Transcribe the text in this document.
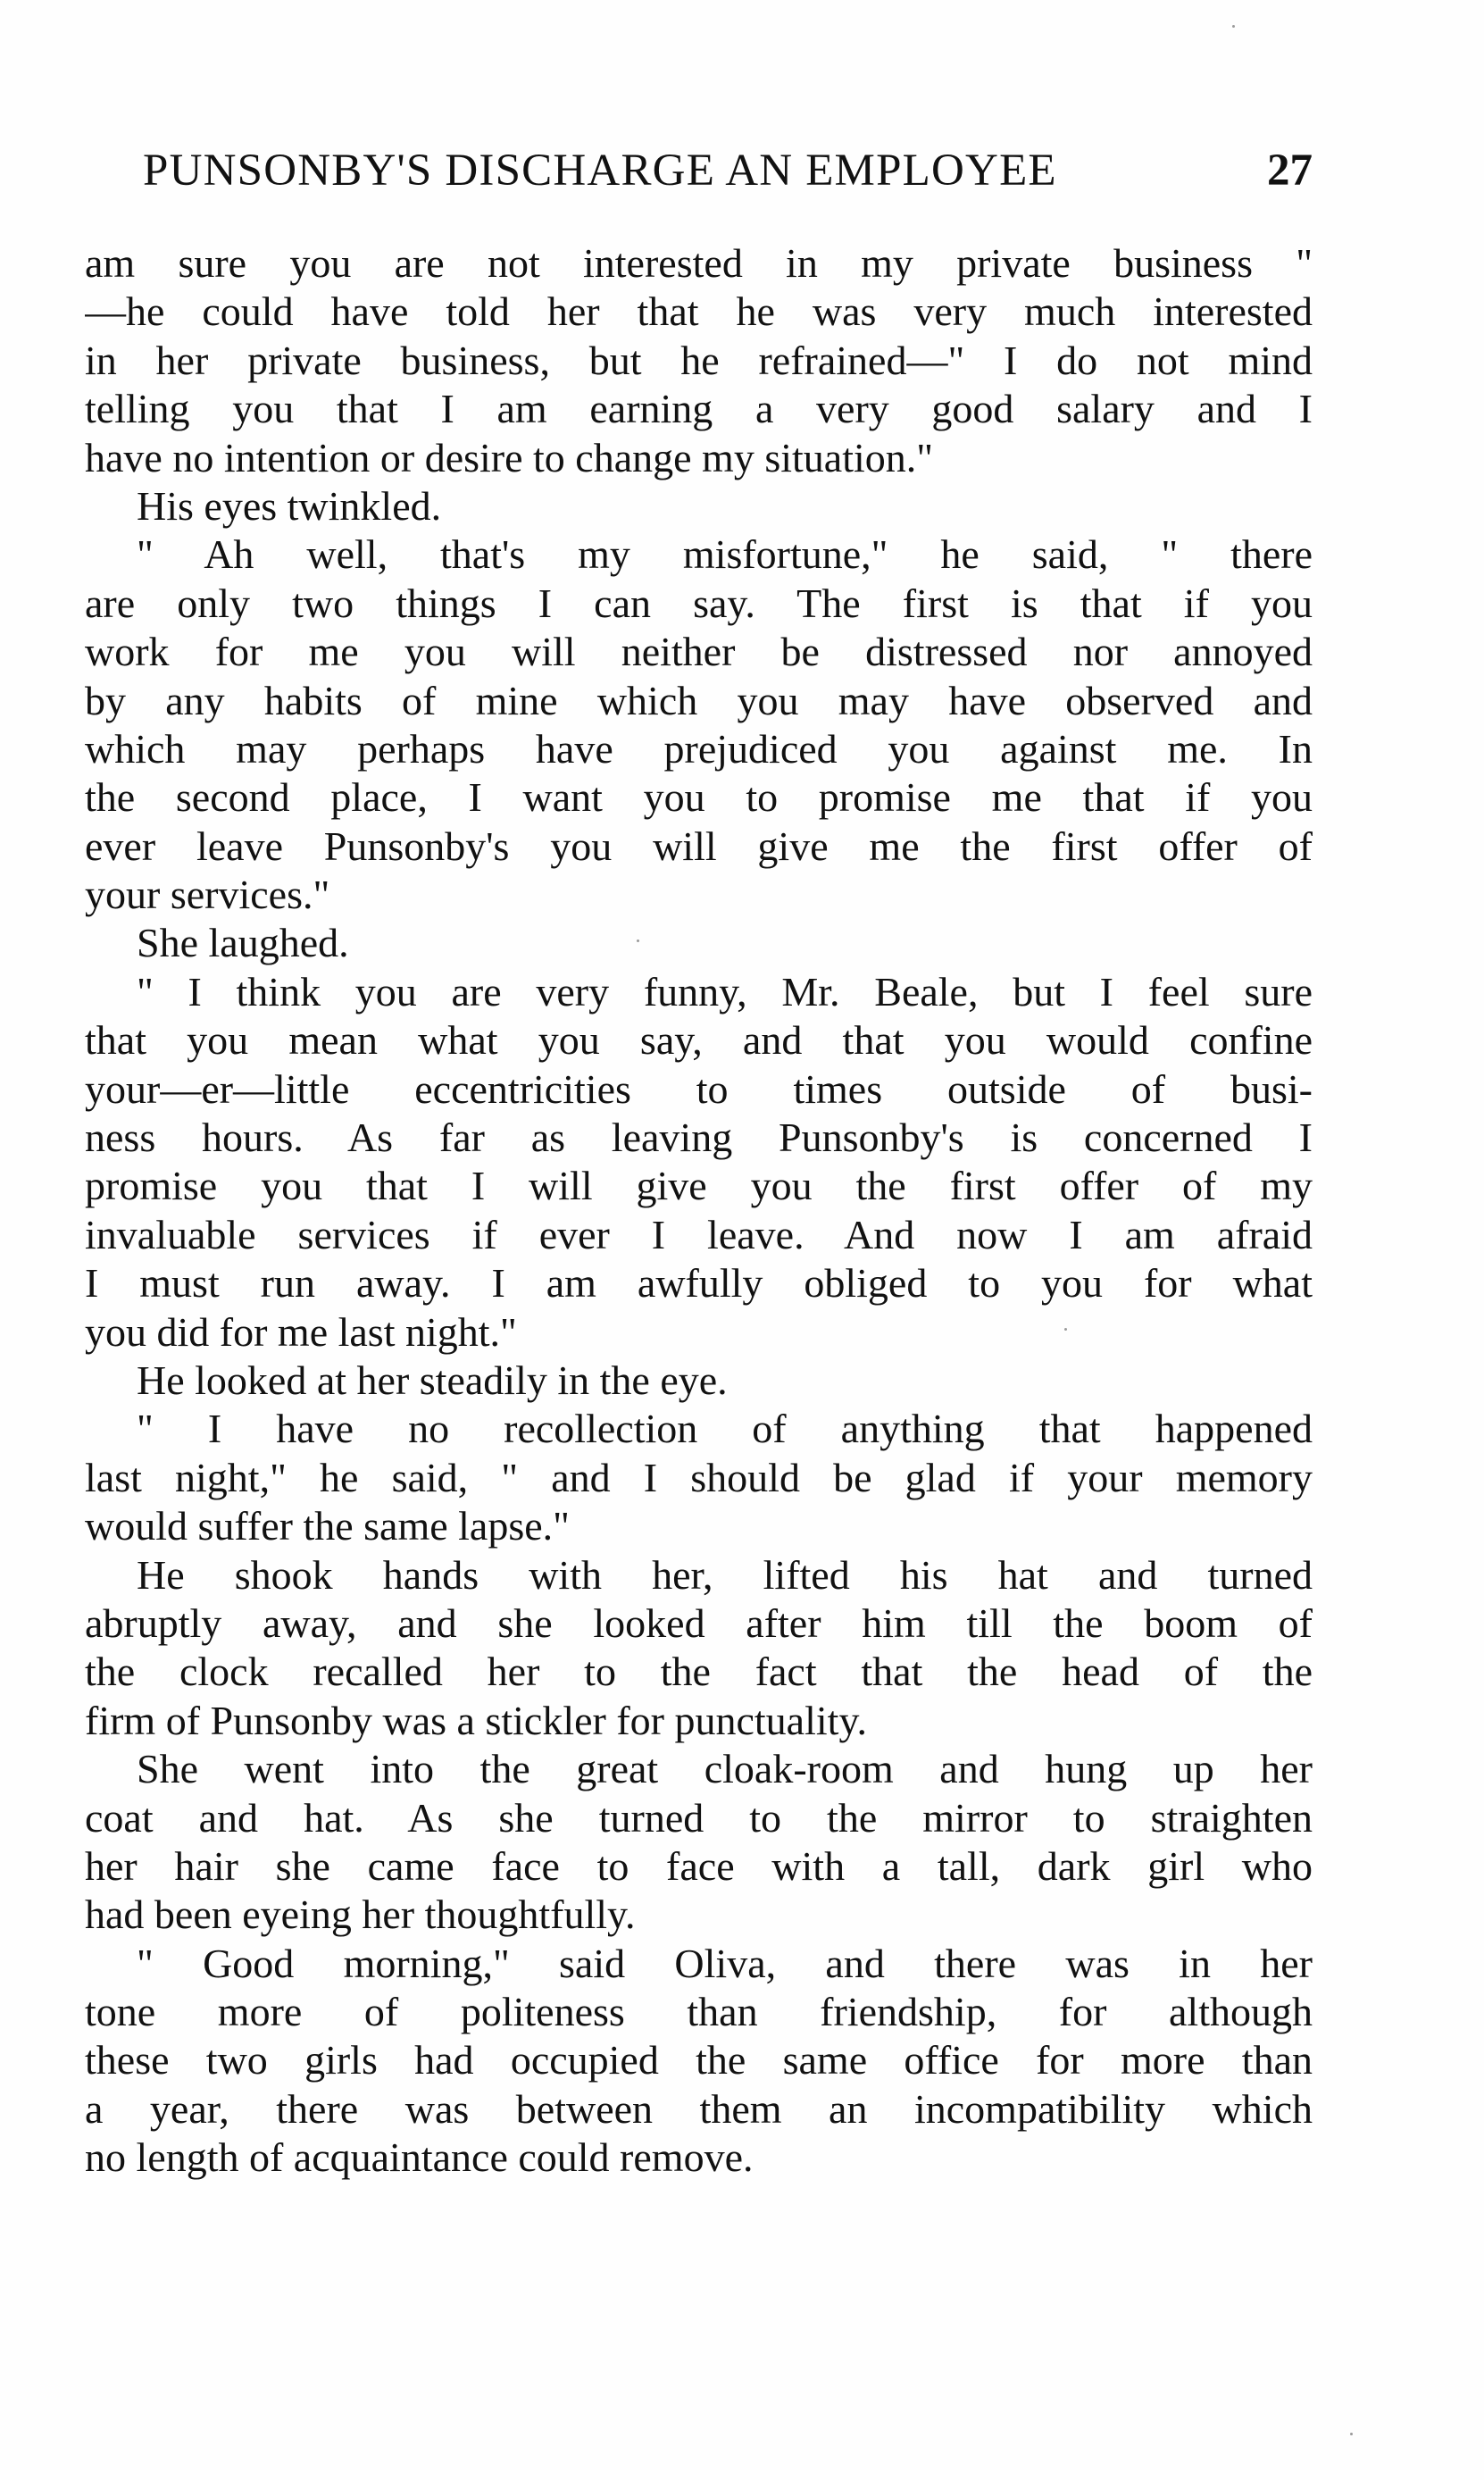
PUNSONBY'S DISCHARGE AN EMPLOYEE	27
am sure you are not interested in my private business "
—he could have told her that he was very much interested
in her private business, but he refrained—" I do not mind
telling you that I am earning a very good salary and I
have no intention or desire to change my situation."
His eyes twinkled.
" Ah well, that's my misfortune," he said, " there
are only two things I can say. The first is that if you
work for me you will neither be distressed nor annoyed
by any habits of mine which you may have observed and
which may perhaps have prejudiced you against me. In
the second place, I want you to promise me that if you
ever leave Punsonby's you will give me the first offer of
your services."
She laughed.
" I think you are very funny, Mr. Beale, but I feel sure
that you mean what you say, and that you would confine
your—er—little eccentricities to times outside of busi-
ness hours. As far as leaving Punsonby's is concerned I
promise you that I will give you the first offer of my
invaluable services if ever I leave. And now I am afraid
I must run away. I am awfully obliged to you for what
you did for me last night."
He looked at her steadily in the eye.
" I have no recollection of anything that happened
last night," he said, " and I should be glad if your memory
would suffer the same lapse."
He shook hands with her, lifted his hat and turned
abruptly away, and she looked after him till the boom of
the clock recalled her to the fact that the head of the
firm of Punsonby was a stickler for punctuality.
She went into the great cloak-room and hung up her
coat and hat. As she turned to the mirror to straighten
her hair she came face to face with a tall, dark girl who
had been eyeing her thoughtfully.
" Good morning," said Oliva, and there was in her
tone more of politeness than friendship, for although
these two girls had occupied the same office for more than
a year, there was between them an incompatibility which
no length of acquaintance could remove.
